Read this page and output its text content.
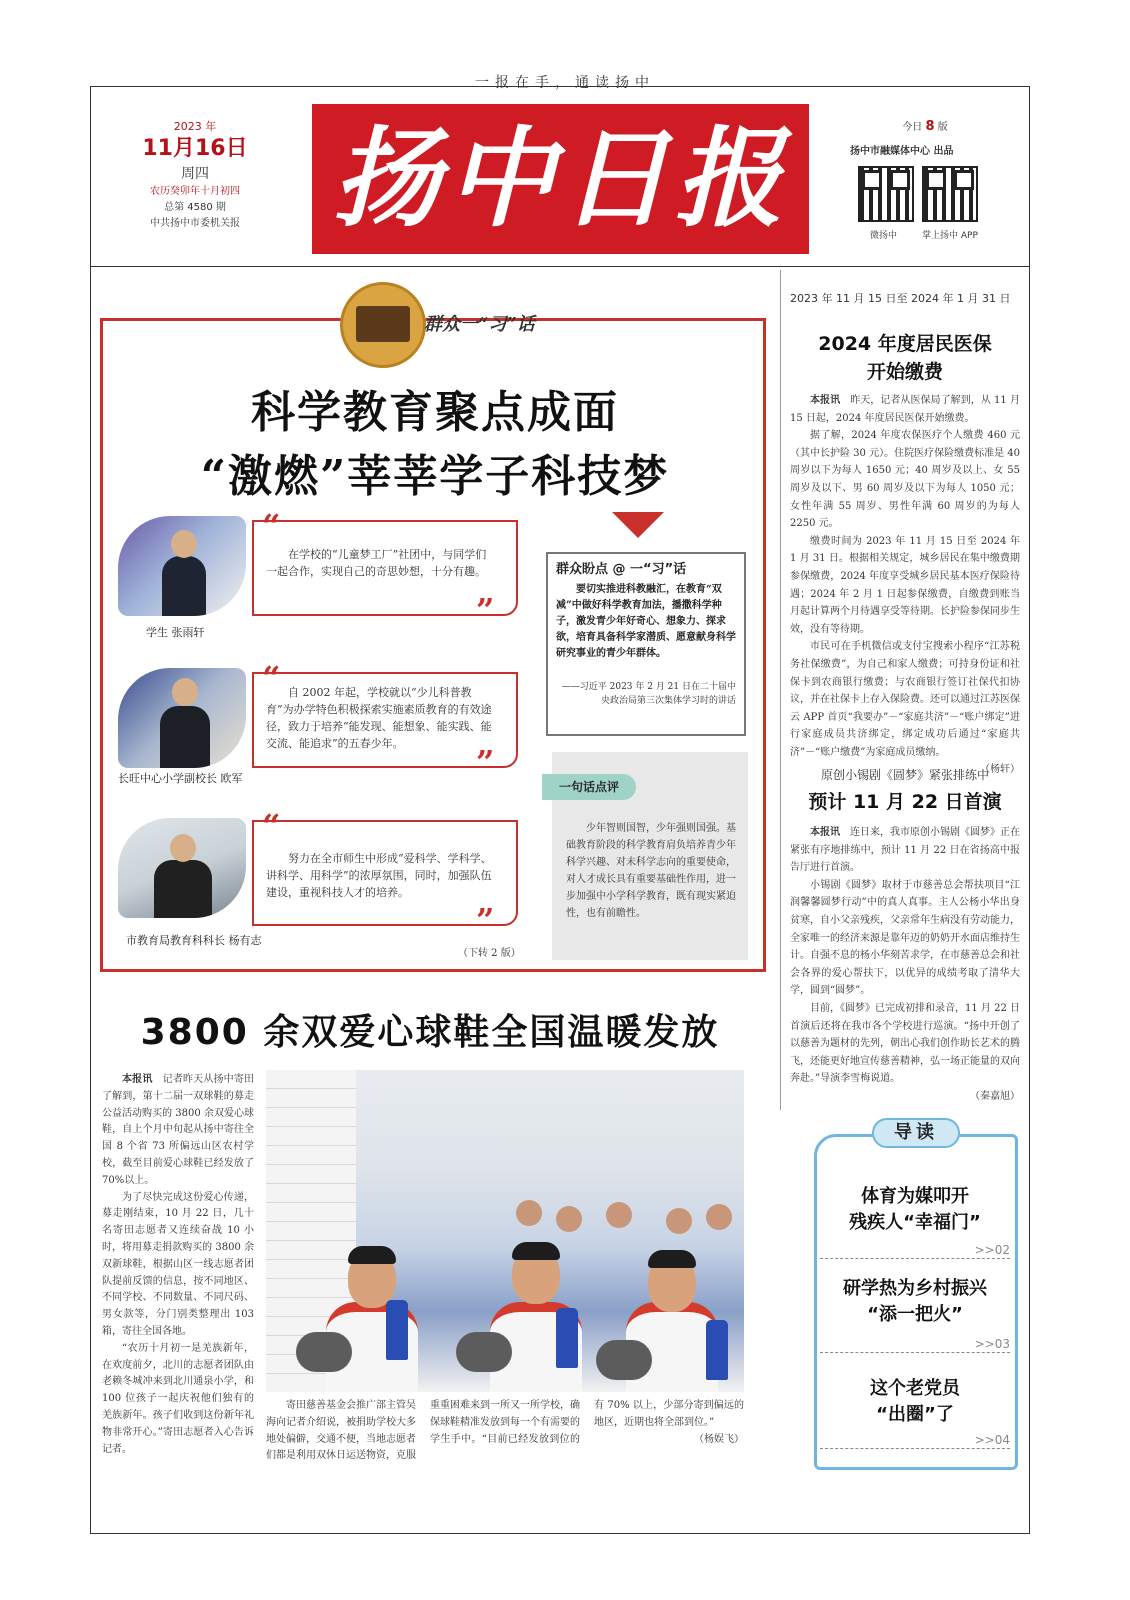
一报在手，通读扬中
2023 年
11月16日
周四
农历癸卯年十月初四
总第 4580 期
中共扬中市委机关报 扬中日报	今日 8 版
扬中市融媒体中心 出品
微扬中	掌上扬中 APP
群众一“习”话
科学教育聚点成面
“激燃”莘莘学子科技梦
学生 张雨轩
“
”
在学校的“儿童梦工厂”社团中，与同学们一起合作，实现自己的奇思妙想，十分有趣。
长旺中心小学副校长 欧军
“
”
自 2002 年起，学校就以“少儿科普教育”为办学特色积极探索实施素质教育的有效途径，致力于培养“能发现、能想象、能实践、能交流、能追求”的五春少年。
市教育局教育科科长 杨有志
“
”
努力在全市师生中形成“爱科学、学科学、讲科学、用科学”的浓厚氛围，同时，加强队伍建设，重视科技人才的培养。
群众盼点 @ 一“习”话
要切实推进科教融汇，在教育“双减”中做好科学教育加法，播撒科学种子，激发青少年好奇心、想象力、探求欲，培育具备科学家潜质、愿意献身科学研究事业的青少年群体。
——习近平 2023 年 2 月 21 日在二十届中央政治局第三次集体学习时的讲话
一句话点评
少年智则国智，少年强则国强。基础教育阶段的科学教育肩负培养青少年科学兴趣、对未科学志向的重要使命，对人才成长具有重要基础性作用，进一步加强中小学科学教育，既有现实紧迫性，也有前瞻性。
（下转 2 版）
2023 年 11 月 15 日至 2024 年 1 月 31 日
2024 年度居民医保
开始缴费

本报讯　 昨天，记者从医保局了解到，从 11 月 15 日起，2024 年度居民医保开始缴费。

据了解，2024 年度农保医疗个人缴费 460 元（其中长护险 30 元）。住院医疗保险缴费标准是 40 周岁以下为每人 1650 元；40 周岁及以上、女 55 周岁及以下、男 60 周岁及以下为每人 1050 元；女性年满 55 周岁、男性年满 60 周岁的为每人 2250 元。

缴费时间为 2023 年 11 月 15 日至 2024 年 1 月 31 日。根据相关规定，城乡居民在集中缴费期参保缴费，2024 年度享受城乡居民基本医疗保险待遇；2024 年 2 月 1 日起参保缴费，自缴费到账当月起计算两个月待遇享受等待期。长护险参保同步生效，没有等待期。

市民可在手机微信或支付宝搜索小程序“江苏税务社保缴费”，为自己和家人缴费；可持身份证和社保卡到农商银行缴费；与农商银行签订社保代扣协议，并在社保卡上存入保险费。还可以通过江苏医保云 APP 首页“我要办”－“家庭共济”－“账户绑定”进行家庭成员共济绑定，绑定成功后通过“家庭共济”－“账户缴费”为家庭成员缴纳。

（杨轩）

原创小锡剧《圆梦》紧张排练中
预计 11 月 22 日首演

本报讯　 连日来，我市原创小锡剧《圆梦》正在紧张有序地排练中，预计 11 月 22 日在省扬高中报告厅进行首演。

小锡剧《圆梦》取材于市慈善总会帮扶项目“江润馨馨圆梦行动”中的真人真事。主人公杨小华出身贫寒，自小父亲残疾，父亲常年生病没有劳动能力，全家唯一的经济来源是靠年迈的奶奶开水面店维持生计。自强不息的杨小华刻苦求学，在市慈善总会和社会各界的爱心帮扶下，以优异的成绩考取了清华大学，圆到“圆梦”。

目前，《圆梦》已完成初排和录音，11 月 22 日首演后还将在我市各个学校进行巡演。“扬中开创了以慈善为题材的先列，朝出心我们创作助长艺术的腾飞，还能更好地宣传慈善精神，弘一场正能量的双向奔赴。”导演李雪梅说道。

（秦嘉旭）

导读
体育为媒叩开
残疾人“幸福门”
>>02
研学热为乡村振兴
“添一把火”
>>03
这个老党员
“出圈”了
>>04
3800 余双爱心球鞋全国温暖发放

本报讯　 记者昨天从扬中寄田了解到，第十二届一双球鞋的募走公益活动购买的 3800 余双爱心球鞋，自上个月中旬起从扬中寄往全国 8 个省 73 所偏远山区农村学校，截至目前爱心球鞋已经发放了 70%以上。

为了尽快完成这份爱心传递，募走刚结束，10 月 22 日，几十名寄田志愿者又连续奋战 10 小时，将用募走捐款购买的 3800 余双新球鞋，根据山区一线志愿者团队提前反馈的信息，按不同地区、不同学校、不同数量、不同尺码、男女款等，分门别类整理出 103 箱，寄往全国各地。

“农历十月初一是羌族新年，在欢度前夕，北川的志愿者团队由老赖冬城冲来到北川通泉小学，和 100 位孩子一起庆祝他们独有的羌族新年。孩子们收到这份新年礼物非常开心。”寄田志愿者入心告诉记者。

寄田慈善基金会推广部主管吴海向记者介绍说，被捐助学校大多地处偏僻，交通不便，当地志愿者们都是利用双休日运送物资，克服重重困难来到一所又一所学校，确保球鞋精准发放到每一个有需要的学生手中。“目前已经发放到位的有 70% 以上，少部分寄到偏远的地区，近期也将全部到位。”

（杨娱飞）
